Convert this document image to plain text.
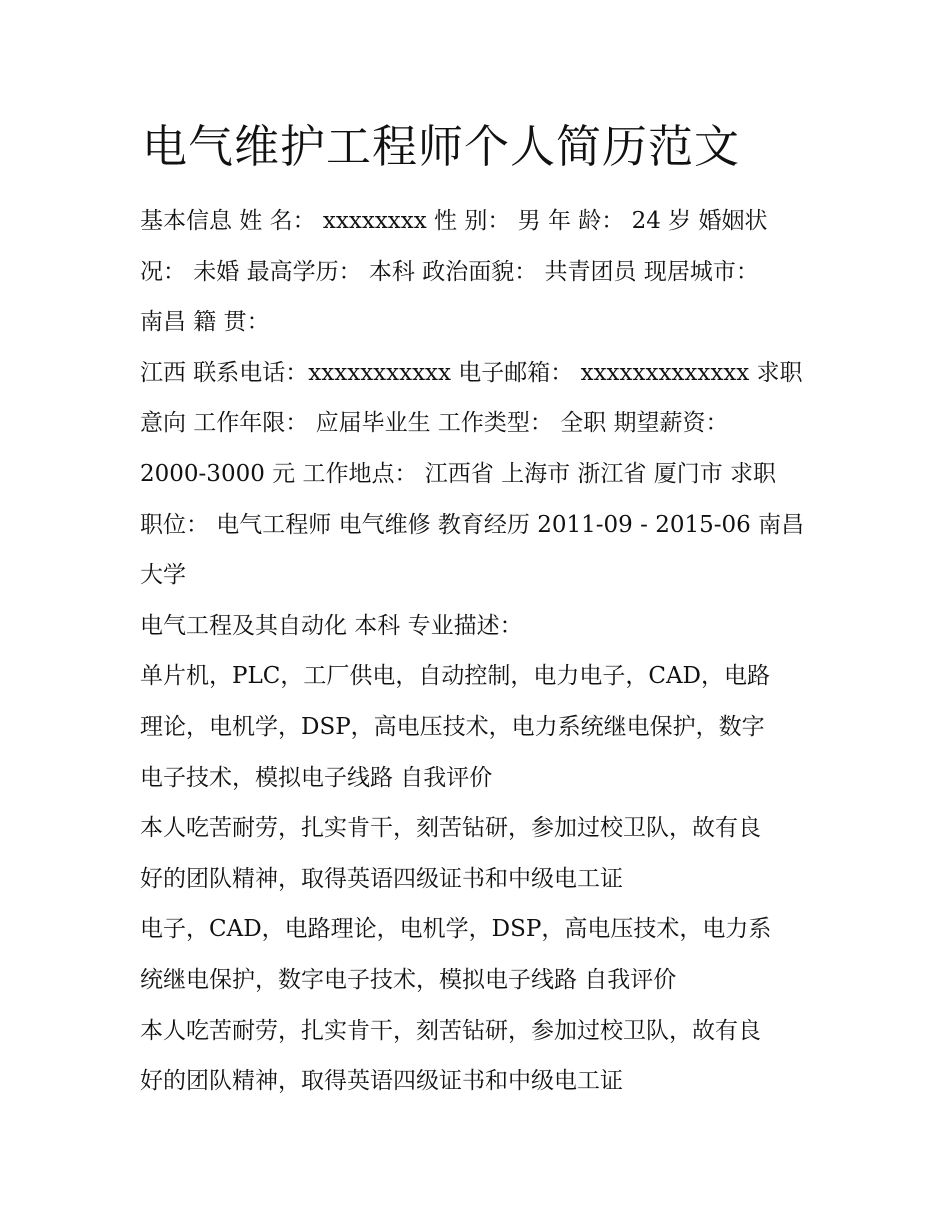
电气维护工程师个人简历范文
基本信息 姓 名： xxxxxxxx 性 别： 男 年 龄： 24 岁 婚姻状
况： 未婚 最高学历： 本科 政治面貌： 共青团员 现居城市：
南昌 籍 贯：
江西 联系电话：xxxxxxxxxxx 电子邮箱： xxxxxxxxxxxxx 求职
意向 工作年限： 应届毕业生 工作类型： 全职 期望薪资：
2000-3000 元 工作地点： 江西省 上海市 浙江省 厦门市 求职
职位： 电气工程师 电气维修 教育经历 2011-09 - 2015-06 南昌
大学
电气工程及其自动化 本科 专业描述：
单片机，PLC，工厂供电，自动控制，电力电子，CAD，电路
理论，电机学，DSP，高电压技术，电力系统继电保护，数字
电子技术，模拟电子线路 自我评价
本人吃苦耐劳，扎实肯干，刻苦钻研，参加过校卫队，故有良
好的团队精神，取得英语四级证书和中级电工证
电子，CAD，电路理论，电机学，DSP，高电压技术，电力系
统继电保护，数字电子技术，模拟电子线路 自我评价
本人吃苦耐劳，扎实肯干，刻苦钻研，参加过校卫队，故有良
好的团队精神，取得英语四级证书和中级电工证
